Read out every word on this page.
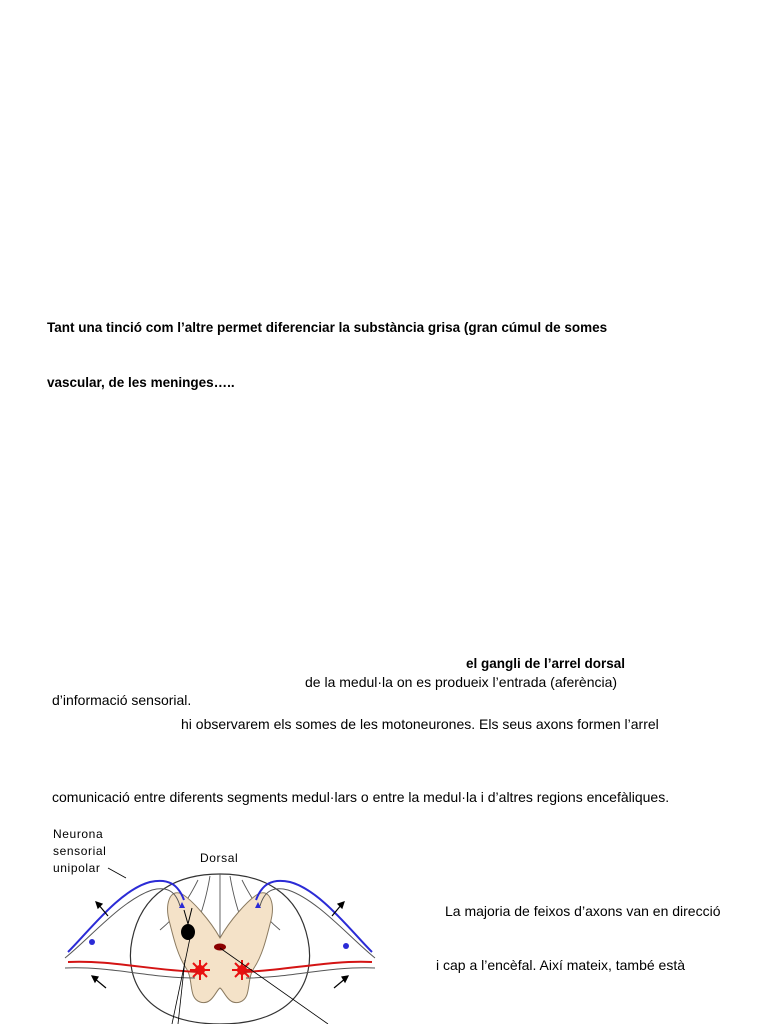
Tant una tinció com l’altre permet diferenciar la substància grisa (gran cúmul de somes
vascular, de les meninges…..
el gangli de l’arrel dorsal
de la medul·la on es produeix l’entrada (aferència)
d’informació sensorial.
hi observarem els somes de les motoneurones. Els seus axons formen l’arrel
comunicació entre diferents segments medul·lars o entre la medul·la i d’altres regions encefàliques.
La majoria de feixos d’axons van en direcció
i cap a l’encèfal. Així mateix, també està
Neurona
sensorial
unipolar
Dorsal
